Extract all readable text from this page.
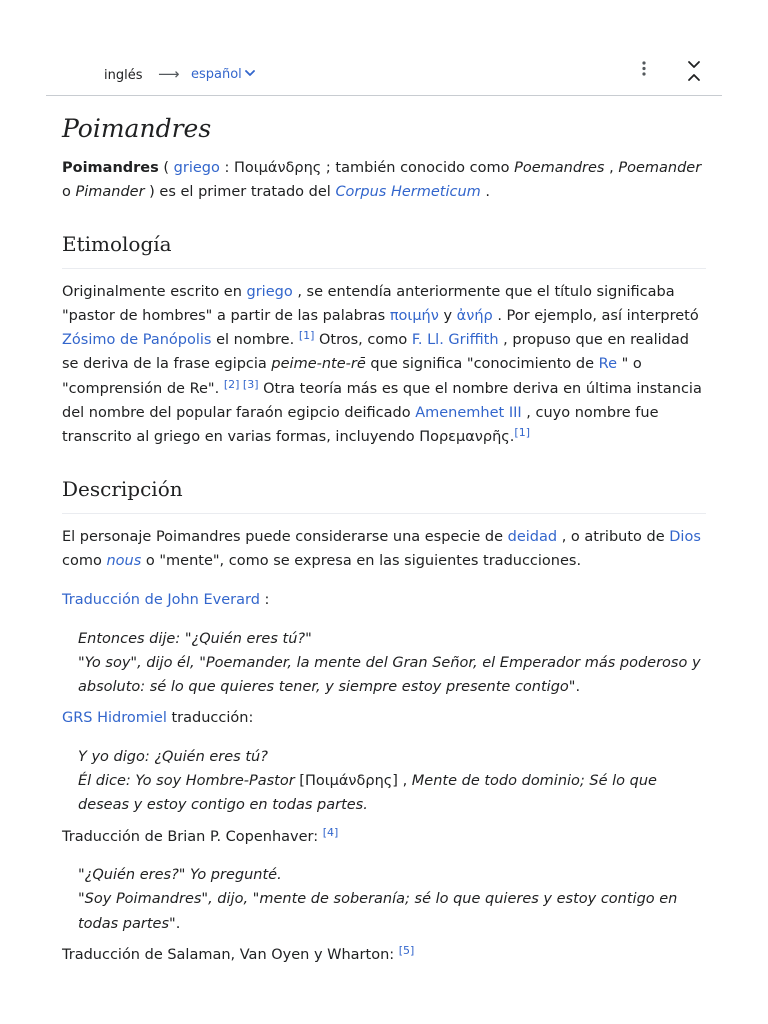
inglés ⟶ español
Poimandres

Poimandres ( griego : Ποιμάνδρης ; también conocido como Poemandres , Poemander o Pimander ) es el primer tratado del Corpus Hermeticum .

Etimología

Originalmente escrito en griego , se entendía anteriormente que el título significaba "pastor de hombres" a partir de las palabras ποιμήν y ἀνήρ . Por ejemplo, así interpretó Zósimo de Panópolis el nombre. [1] Otros, como F. Ll. Griffith , propuso que en realidad se deriva de la frase egipcia peime-nte-rē que significa "conocimiento de Re " o "comprensión de Re". [2] [3] Otra teoría más es que el nombre deriva en última instancia del nombre del popular faraón egipcio deificado Amenemhet III , cuyo nombre fue transcrito al griego en varias formas, incluyendo Πορεμανρῆς.[1]

Descripción

El personaje Poimandres puede considerarse una especie de deidad , o atributo de Dios como nous o "mente", como se expresa en las siguientes traducciones.

Traducción de John Everard :

Entonces dije: "¿Quién eres tú?"
"Yo soy", dijo él, "Poemander, la mente del Gran Señor, el Emperador más poderoso y absoluto: sé lo que quieres tener, y siempre estoy presente contigo".

GRS Hidromiel traducción:

Y yo digo: ¿Quién eres tú?
Él dice: Yo soy Hombre-Pastor [Ποιμάνδρης] , Mente de todo dominio; Sé lo que deseas y estoy contigo en todas partes.

Traducción de Brian P. Copenhaver: [4]

"¿Quién eres?" Yo pregunté.
"Soy Poimandres", dijo, "mente de soberanía; sé lo que quieres y estoy contigo en todas partes".

Traducción de Salaman, Van Oyen y Wharton: [5]
